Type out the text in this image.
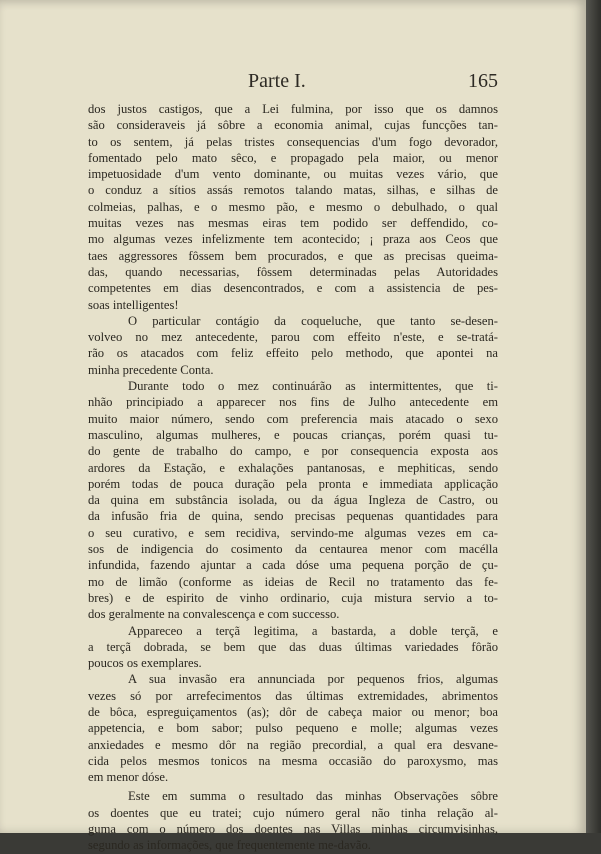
Parte I.	165
dos justos castigos, que a Lei fulmina, por isso que os damnos
são consideraveis já sôbre a economia animal, cujas funcções tan-
to os sentem, já pelas tristes consequencias d'um fogo devorador,
fomentado pelo mato sêco, e propagado pela maior, ou menor
impetuosidade d'um vento dominante, ou muitas vezes vário, que
o conduz a sítios assás remotos talando matas, silhas, e silhas de
colmeias, palhas, e o mesmo pão, e mesmo o debulhado, o qual
muitas vezes nas mesmas eiras tem podido ser deffendido, co-
mo algumas vezes infelizmente tem acontecido; ¡ praza aos Ceos que
taes aggressores fôssem bem procurados, e que as precisas queima-
das, quando necessarias, fôssem determinadas pelas Autoridades
competentes em dias desencontrados, e com a assistencia de pes-
soas intelligentes!
O particular contágio da coqueluche, que tanto se-desen-
volveo no mez antecedente, parou com effeito n'este, e se-tratá-
rão os atacados com feliz effeito pelo methodo, que apontei na
minha precedente Conta.
Durante todo o mez continuárão as intermittentes, que ti-
nhão principiado a apparecer nos fins de Julho antecedente em
muito maior número, sendo com preferencia mais atacado o sexo
masculino, algumas mulheres, e poucas crianças, porém quasi tu-
do gente de trabalho do campo, e por consequencia exposta aos
ardores da Estação, e exhalações pantanosas, e mephiticas, sendo
porém todas de pouca duração pela pronta e immediata applicação
da quina em substância isolada, ou da água Ingleza de Castro, ou
da infusão fria de quina, sendo precisas pequenas quantidades para
o seu curativo, e sem recidiva, servindo-me algumas vezes em ca-
sos de indigencia do cosimento da centaurea menor com macélla
infundida, fazendo ajuntar a cada dóse uma pequena porção de çu-
mo de limão (conforme as ideias de Recil no tratamento das fe-
bres) e de espirito de vinho ordinario, cuja mistura servio a to-
dos geralmente na convalescença e com successo.
Appareceo a terçã legitima, a bastarda, a doble terçã, e
a terçã dobrada, se bem que das duas últimas variedades fôrão
poucos os exemplares.
A sua invasão era annunciada por pequenos frios, algumas
vezes só por arrefecimentos das últimas extremidades, abrimentos
de bôca, espreguiçamentos (as); dôr de cabeça maior ou menor; boa
appetencia, e bom sabor; pulso pequeno e molle; algumas vezes
anxiedades e mesmo dôr na região precordial, a qual era desvane-
cida pelos mesmos tonicos na mesma occasião do paroxysmo, mas
em menor dóse.
Este em summa o resultado das minhas Observações sôbre
os doentes que eu tratei; cujo número geral não tinha relação al-
guma com o número dos doentes nas Villas minhas circumvisinhas,
segundo as informações, que frequentemente me-davão.
